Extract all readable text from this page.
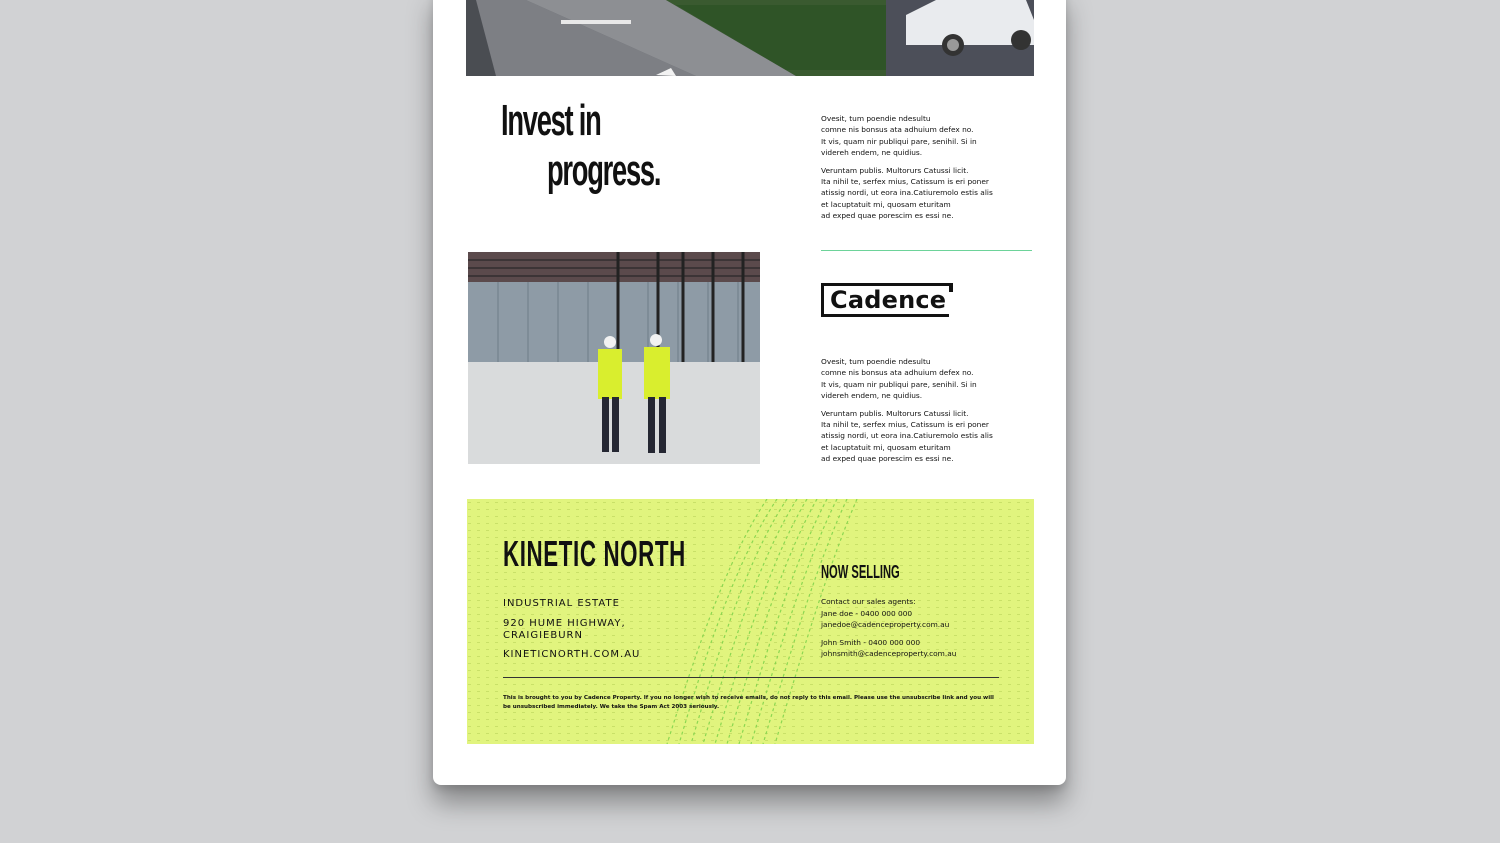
Invest in
progress.

Ovesit, tum poendie ndesultu
comne nis bonsus ata adhuium defex no.
It vis, quam nir publiqui pare, senihil. Si in
videreh endem, ne quidius.

Veruntam publis. Multorurs Catussi licit.
Ita nihil te, serfex mius, Catissum is eri poner
atissig nordi, ut eora ina.Catiuremolo estis alis
et lacuptatuit mi, quosam eturitam
ad exped quae porescim es essi ne.

Cadence

Ovesit, tum poendie ndesultu
comne nis bonsus ata adhuium defex no.
It vis, quam nir publiqui pare, senihil. Si in
videreh endem, ne quidius.

Veruntam publis. Multorurs Catussi licit.
Ita nihil te, serfex mius, Catissum is eri poner
atissig nordi, ut eora ina.Catiuremolo estis alis
et lacuptatuit mi, quosam eturitam
ad exped quae porescim es essi ne.

KINETIC NORTH
INDUSTRIAL ESTATE
920 HUME HIGHWAY,
CRAIGIEBURN
KINETICNORTH.COM.AU
NOW SELLING
Contact our sales agents:
Jane doe - 0400 000 000
janedoe@cadenceproperty.com.au
John Smith - 0400 000 000
johnsmith@cadenceproperty.com.au
This is brought to you by Cadence Property. If you no longer wish to receive emails, do not reply to this email. Please use the unsubscribe link and you will be unsubscribed immediately. We take the Spam Act 2003 seriously.
